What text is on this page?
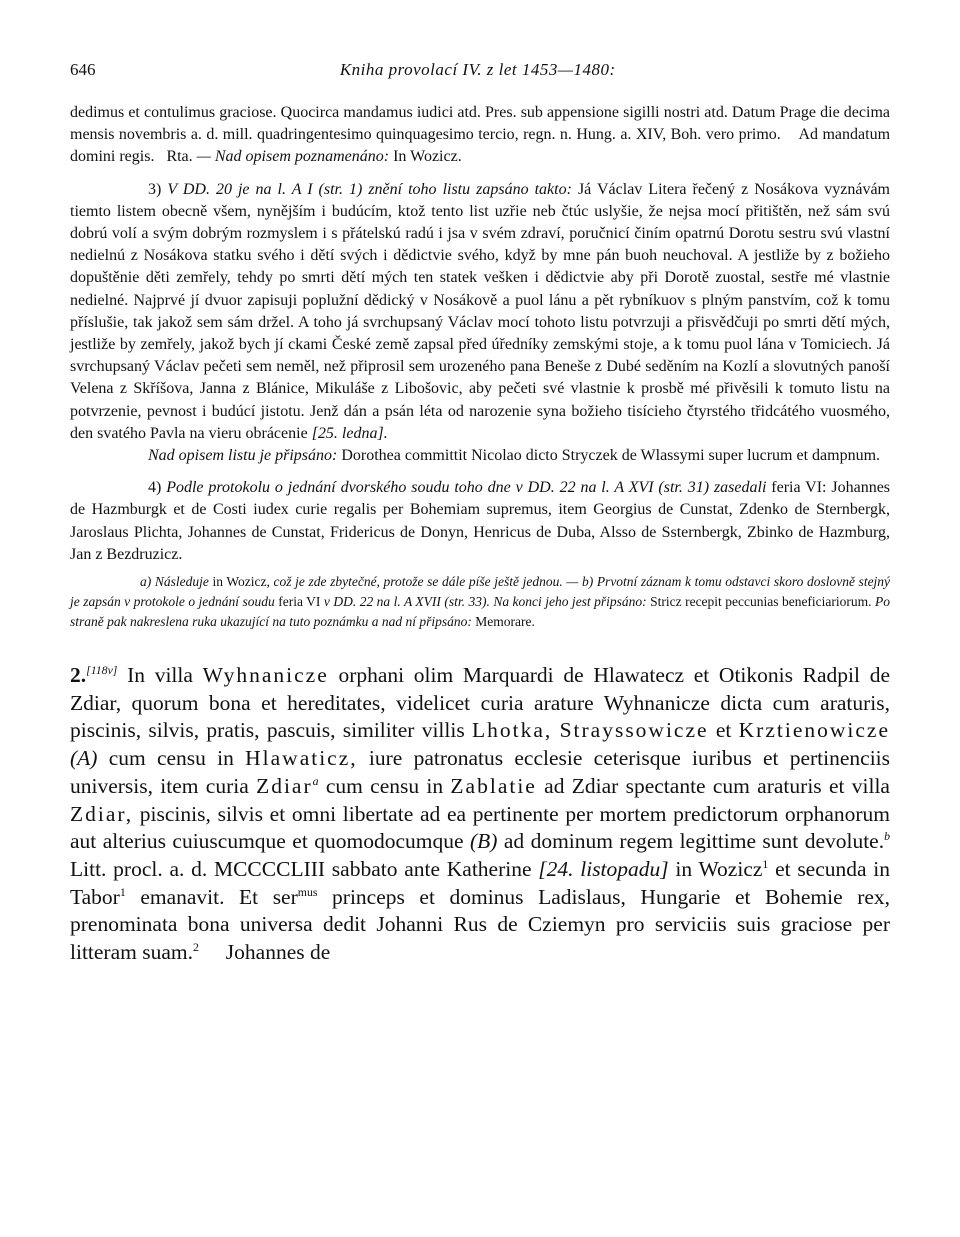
646	Kniha provolací IV. z let 1453—1480:

dedimus et contulimus graciose. Quocirca mandamus iudici atd. Pres. sub appensione sigilli nostri atd. Datum Prage die decima mensis novembris a. d. mill. quadringentesimo quinquagesimo tercio, regn. n. Hung. a. XIV, Boh. vero primo. Ad mandatum domini regis. Rta. — Nad opisem poznamenáno: In Wozicz.

3) V DD. 20 je na l. A I (str. 1) znění toho listu zapsáno takto: Já Václav Litera řečený z Nosákova vyznávám tiemto listem obecně všem, nynějším i budúcím, ktož tento list uzřie neb čtúc uslyšie, že nejsa mocí přitištěn, než sám svú dobrú volí a svým dobrým rozmyslem i s přátelskú radú i jsa v svém zdraví, poručnicí činím opatrnú Dorotu sestru svú vlastní nedielnú z Nosákova statku svého i dětí svých i dědictvie svého, když by mne pán buoh neuchoval. A jestliže by z božieho dopuštěnie děti zemřely, tehdy po smrti dětí mých ten statek vešken i dědictvie aby při Dorotě zuostal, sestře mé vlastnie nedielné. Najprvé jí dvuor zapisuji poplužní dědický v Nosákově a puol lánu a pět rybníkuov s plným panstvím, což k tomu příslušie, tak jakož sem sám držel. A toho já svrchupsaný Václav mocí tohoto listu potvrzuji a přisvědčuji po smrti dětí mých, jestliže by zemřely, jakož bych jí ckami České země zapsal před úředníky zemskými stoje, a k tomu puol lána v Tomiciech. Já svrchupsaný Václav pečeti sem neměl, než připrosil sem urozeného pana Beneše z Dubé seděním na Kozlí a slovutných panoší Velena z Skříšova, Janna z Blánice, Mikuláše z Libošovic, aby pečeti své vlastnie k prosbě mé přivěsili k tomuto listu na potvrzenie, pevnost i budúcí jistotu. Jenž dán a psán léta od narozenie syna božieho tisícieho čtyrstého třidcátého vuosmého, den svatého Pavla na vieru obrácenie [25. ledna].

Nad opisem listu je připsáno: Dorothea committit Nicolao dicto Stryczek de Wlassymi super lucrum et dampnum.

4) Podle protokolu o jednání dvorského soudu toho dne v DD. 22 na l. A XVI (str. 31) zasedali feria VI: Johannes de Hazmburgk et de Costi iudex curie regalis per Bohemiam supremus, item Georgius de Cunstat, Zdenko de Sternbergk, Jaroslaus Plichta, Johannes de Cunstat, Fridericus de Donyn, Henricus de Duba, Alsso de Ssternbergk, Zbinko de Hazmburg, Jan z Bezdruzicz.

a) Následuje in Wozicz, což je zde zbytečné, protože se dále píše ještě jednou. — b) Prvotní záznam k tomu odstavci skoro doslovně stejný je zapsán v protokole o jednání soudu feria VI v DD. 22 na l. A XVII (str. 33). Na konci jeho jest připsáno: Stricz recepit peccunias beneficiariorum. Po straně pak nakreslena ruka ukazující na tuto poznámku a nad ní připsáno: Memorare.
2.[118v] In villa Wyhnanicze orphani olim Marquardi de Hlawatecz et Otikonis Radpil de Zdiar, quorum bona et hereditates, videlicet curia arature Wyhnanicze dicta cum araturis, piscinis, silvis, pratis, pascuis, similiter villis Lhotka, Strayssowicze et Krztienowicze (A) cum censu in Hlawaticz, iure patronatus ecclesie ceterisque iuribus et pertinenciis universis, item curia Zdiar$^a$ cum censu in Zablatie ad Zdiar spectante cum araturis et villa Zdiar, piscinis, silvis et omni libertate ad ea pertinente per mortem predictorum orphanorum aut alterius cuiuscumque et quomodocumque (B) ad dominum regem legittime sunt devolute.$^b$ Litt. procl. a. d. MCCCCLIII sabbato ante Katherine [24. listopadu] in Wozicz$^1$ et secunda in Tabor$^1$ emanavit. Et ser$^{mus}$ princeps et dominus Ladislaus, Hungarie et Bohemie rex, prenominata bona universa dedit Johanni Rus de Cziemyn pro serviciis suis graciose per litteram suam.$^2$ Johannes de
